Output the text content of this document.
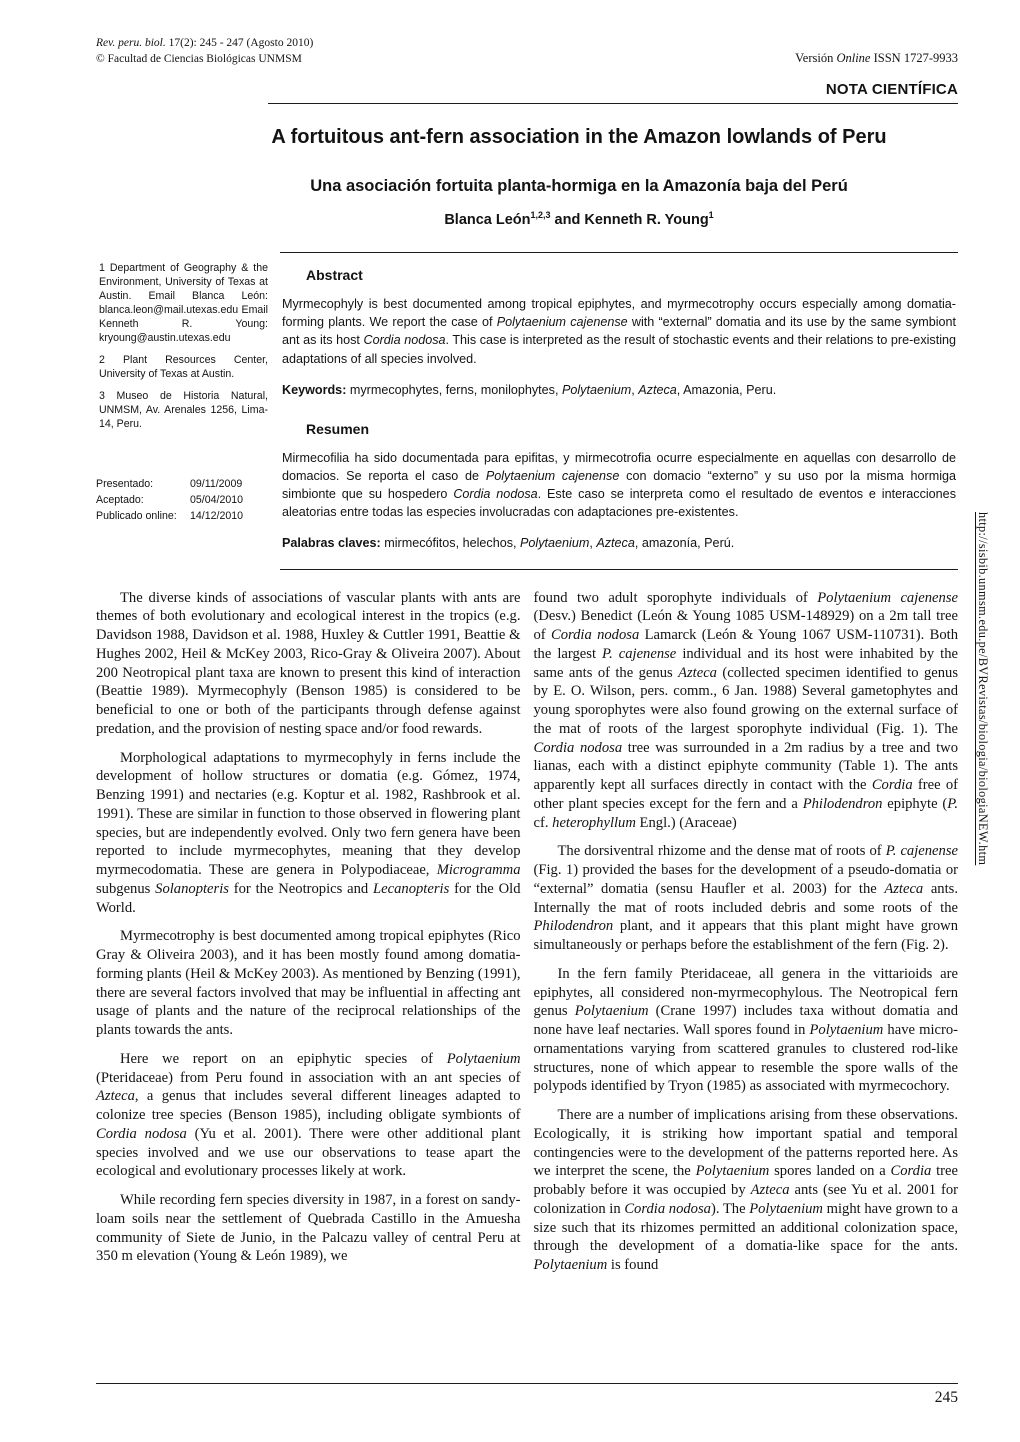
Rev. peru. biol. 17(2): 245 - 247 (Agosto 2010)
© Facultad de Ciencias Biológicas UNMSM	Versión Online ISSN 1727-9933
NOTA CIENTÍFICA
A fortuitous ant-fern association in the Amazon lowlands of Peru
Una asociación fortuita planta-hormiga en la Amazonía baja del Perú
Blanca León$^{1,2,3}$ and Kenneth R. Young$^1$

1 Department of Geography & the Environment, University of Texas at Austin. Email Blanca León: blanca.leon@mail.utexas.edu Email Kenneth R. Young: kryoung@austin.utexas.edu

2 Plant Resources Center, University of Texas at Austin.

3 Museo de Historia Natural, UNMSM, Av. Arenales 1256, Lima-14, Peru.

Presentado:	09/11/2009
Aceptado:	05/04/2010
Publicado online:	14/12/2010
Abstract

Myrmecophyly is best documented among tropical epiphytes, and myrmecotrophy occurs especially among domatia-forming plants. We report the case of Polytaenium cajenense with “external” domatia and its use by the same symbiont ant as its host Cordia nodosa. This case is interpreted as the result of stochastic events and their relations to pre-existing adaptations of all species involved.

Keywords: myrmecophytes, ferns, monilophytes, Polytaenium, Azteca, Amazonia, Peru.

Resumen

Mirmecofilia ha sido documentada para epifitas, y mirmecotrofia ocurre especialmente en aquellas con desarrollo de domacios. Se reporta el caso de Polytaenium cajenense con domacio “externo” y su uso por la misma hormiga simbionte que su hospedero Cordia nodosa. Este caso se interpreta como el resultado de eventos e interacciones aleatorias entre todas las especies involucradas con adaptaciones pre-existentes.

Palabras claves: mirmecófitos, helechos, Polytaenium, Azteca, amazonía, Perú.

The diverse kinds of associations of vascular plants with ants are themes of both evolutionary and ecological interest in the tropics (e.g. Davidson 1988, Davidson et al. 1988, Huxley & Cuttler 1991, Beattie & Hughes 2002, Heil & McKey 2003, Rico-Gray & Oliveira 2007). About 200 Neotropical plant taxa are known to present this kind of interaction (Beattie 1989). Myrmecophyly (Benson 1985) is considered to be beneficial to one or both of the participants through defense against predation, and the provision of nesting space and/or food rewards.

Morphological adaptations to myrmecophyly in ferns include the development of hollow structures or domatia (e.g. Gómez, 1974, Benzing 1991) and nectaries (e.g. Koptur et al. 1982, Rashbrook et al. 1991). These are similar in function to those observed in flowering plant species, but are independently evolved. Only two fern genera have been reported to include myrmecophytes, meaning that they develop myrmecodomatia. These are genera in Polypodiaceae, Microgramma subgenus Solanopteris for the Neotropics and Lecanopteris for the Old World.

Myrmecotrophy is best documented among tropical epiphytes (Rico Gray & Oliveira 2003), and it has been mostly found among domatia-forming plants (Heil & McKey 2003). As mentioned by Benzing (1991), there are several factors involved that may be influential in affecting ant usage of plants and the nature of the reciprocal relationships of the plants towards the ants.

Here we report on an epiphytic species of Polytaenium (Pteridaceae) from Peru found in association with an ant species of Azteca, a genus that includes several different lineages adapted to colonize tree species (Benson 1985), including obligate symbionts of Cordia nodosa (Yu et al. 2001). There were other additional plant species involved and we use our observations to tease apart the ecological and evolutionary processes likely at work.

While recording fern species diversity in 1987, in a forest on sandy-loam soils near the settlement of Quebrada Castillo in the Amuesha community of Siete de Junio, in the Palcazu valley of central Peru at 350 m elevation (Young & León 1989), we

found two adult sporophyte individuals of Polytaenium cajenense (Desv.) Benedict (León & Young 1085 USM-148929) on a 2m tall tree of Cordia nodosa Lamarck (León & Young 1067 USM-110731). Both the largest P. cajenense individual and its host were inhabited by the same ants of the genus Azteca (collected specimen identified to genus by E. O. Wilson, pers. comm., 6 Jan. 1988) Several gametophytes and young sporophytes were also found growing on the external surface of the mat of roots of the largest sporophyte individual (Fig. 1). The Cordia nodosa tree was surrounded in a 2m radius by a tree and two lianas, each with a distinct epiphyte community (Table 1). The ants apparently kept all surfaces directly in contact with the Cordia free of other plant species except for the fern and a Philodendron epiphyte (P. cf. heterophyllum Engl.) (Araceae)

The dorsiventral rhizome and the dense mat of roots of P. cajenense (Fig. 1) provided the bases for the development of a pseudo-domatia or “external” domatia (sensu Haufler et al. 2003) for the Azteca ants. Internally the mat of roots included debris and some roots of the Philodendron plant, and it appears that this plant might have grown simultaneously or perhaps before the establishment of the fern (Fig. 2).

In the fern family Pteridaceae, all genera in the vittarioids are epiphytes, all considered non-myrmecophylous. The Neotropical fern genus Polytaenium (Crane 1997) includes taxa without domatia and none have leaf nectaries. Wall spores found in Polytaenium have micro-ornamentations varying from scattered granules to clustered rod-like structures, none of which appear to resemble the spore walls of the polypods identified by Tryon (1985) as associated with myrmecochory.

There are a number of implications arising from these observations. Ecologically, it is striking how important spatial and temporal contingencies were to the development of the patterns reported here. As we interpret the scene, the Polytaenium spores landed on a Cordia tree probably before it was occupied by Azteca ants (see Yu et al. 2001 for colonization in Cordia nodosa). The Polytaenium might have grown to a size such that its rhizomes permitted an additional colonization space, through the development of a domatia-like space for the ants. Polytaenium is found

http://sisbib.unmsm.edu.pe/BVRevistas/biologia/biologiaNEW.htm
245
